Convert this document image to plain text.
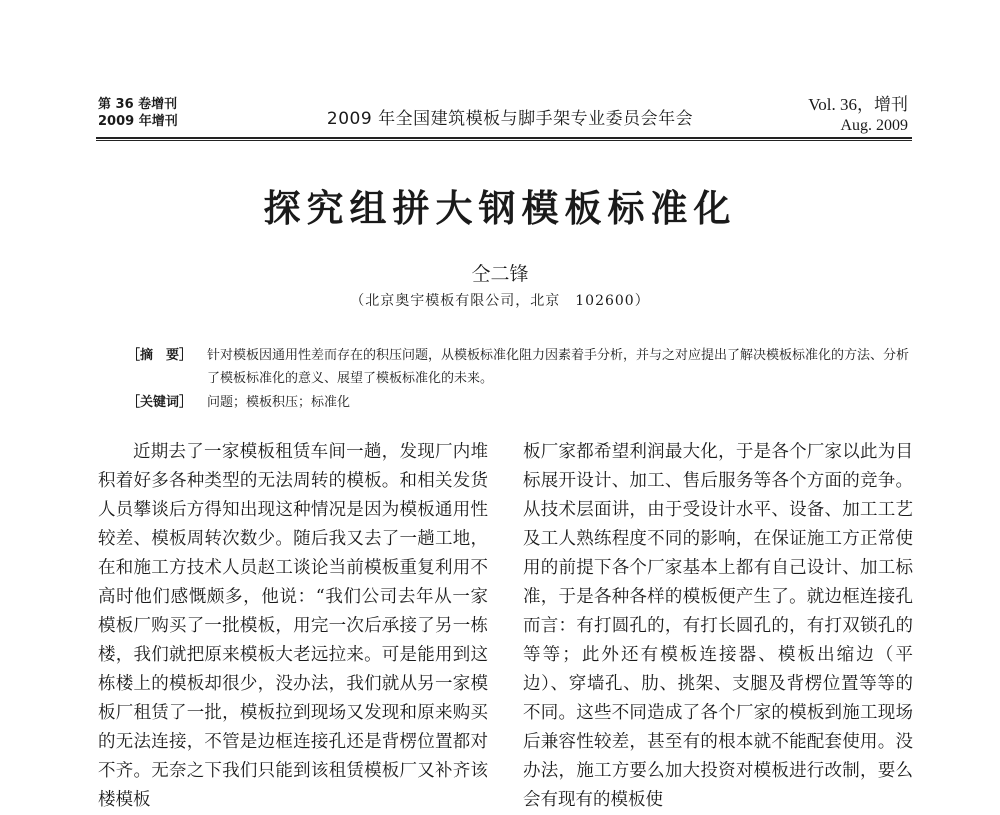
第 36 卷增刊
2009 年增刊	2009 年全国建筑模板与脚手架专业委员会年会
Vol. 36，增刊
Aug. 2009
探究组拼大钢模板标准化
仝二锋
（北京奥宇模板有限公司，北京　102600）
［摘　要］ 针对模板因通用性差而存在的积压问题，从模板标准化阻力因素着手分析，并与之对应提出了解决模板标准化的方法、分析了模板标准化的意义、展望了模板标准化的未来。
［关键词］ 问题；模板积压；标准化

近期去了一家模板租赁车间一趟，发现厂内堆积着好多各种类型的无法周转的模板。和相关发货人员攀谈后方得知出现这种情况是因为模板通用性较差、模板周转次数少。随后我又去了一趟工地，在和施工方技术人员赵工谈论当前模板重复利用不高时他们感慨颇多，他说：“我们公司去年从一家模板厂购买了一批模板，用完一次后承接了另一栋楼，我们就把原来模板大老远拉来。可是能用到这栋楼上的模板却很少，没办法，我们就从另一家模板厂租赁了一批，模板拉到现场又发现和原来购买的无法连接，不管是边框连接孔还是背楞位置都对不齐。无奈之下我们只能到该租赁模板厂又补齐该楼模板

板厂家都希望利润最大化，于是各个厂家以此为目标展开设计、加工、售后服务等各个方面的竞争。从技术层面讲，由于受设计水平、设备、加工工艺及工人熟练程度不同的影响，在保证施工方正常使用的前提下各个厂家基本上都有自己设计、加工标准，于是各种各样的模板便产生了。就边框连接孔而言：有打圆孔的，有打长圆孔的，有打双锁孔的等等；此外还有模板连接器、模板出缩边（平边）、穿墙孔、肋、挑架、支腿及背楞位置等等的不同。这些不同造成了各个厂家的模板到施工现场后兼容性较差，甚至有的根本就不能配套使用。没办法，施工方要么加大投资对模板进行改制，要么会有现有的模板使
